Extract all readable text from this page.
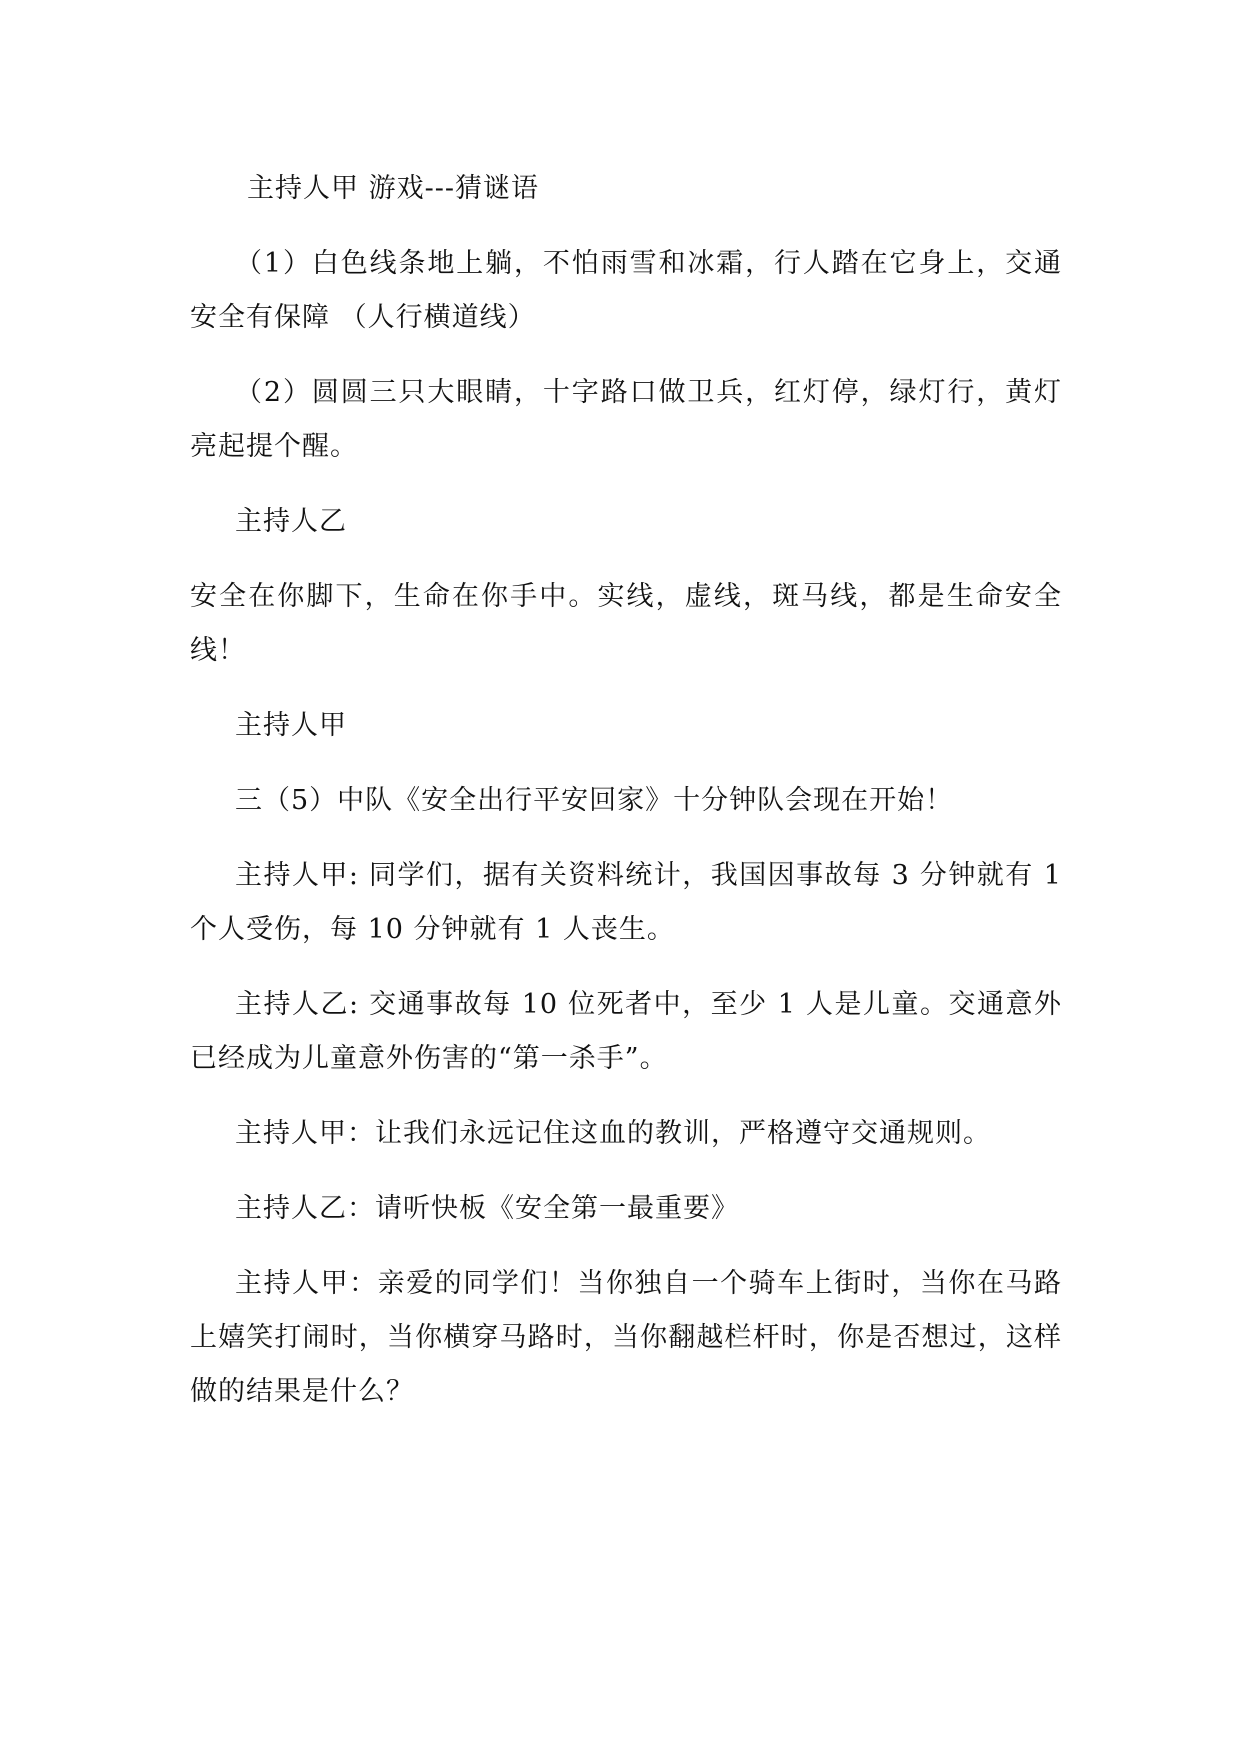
主持人甲 游戏---猜谜语

（1）白色线条地上躺，不怕雨雪和冰霜，行人踏在它身上，交通安全有保障 （人行横道线）

（2）圆圆三只大眼睛，十字路口做卫兵，红灯停，绿灯行，黄灯亮起提个醒。

主持人乙

安全在你脚下，生命在你手中。实线，虚线，斑马线，都是生命安全线！

主持人甲

三（5）中队《安全出行平安回家》十分钟队会现在开始！

主持人甲: 同学们，据有关资料统计，我国因事故每 3 分钟就有 1 个人受伤，每 10 分钟就有 1 人丧生。

主持人乙: 交通事故每 10 位死者中，至少 1 人是儿童。交通意外已经成为儿童意外伤害的“第一杀手”。

主持人甲：让我们永远记住这血的教训，严格遵守交通规则。

主持人乙：请听快板《安全第一最重要》

主持人甲：亲爱的同学们！当你独自一个骑车上街时，当你在马路上嬉笑打闹时，当你横穿马路时，当你翻越栏杆时，你是否想过，这样做的结果是什么？
